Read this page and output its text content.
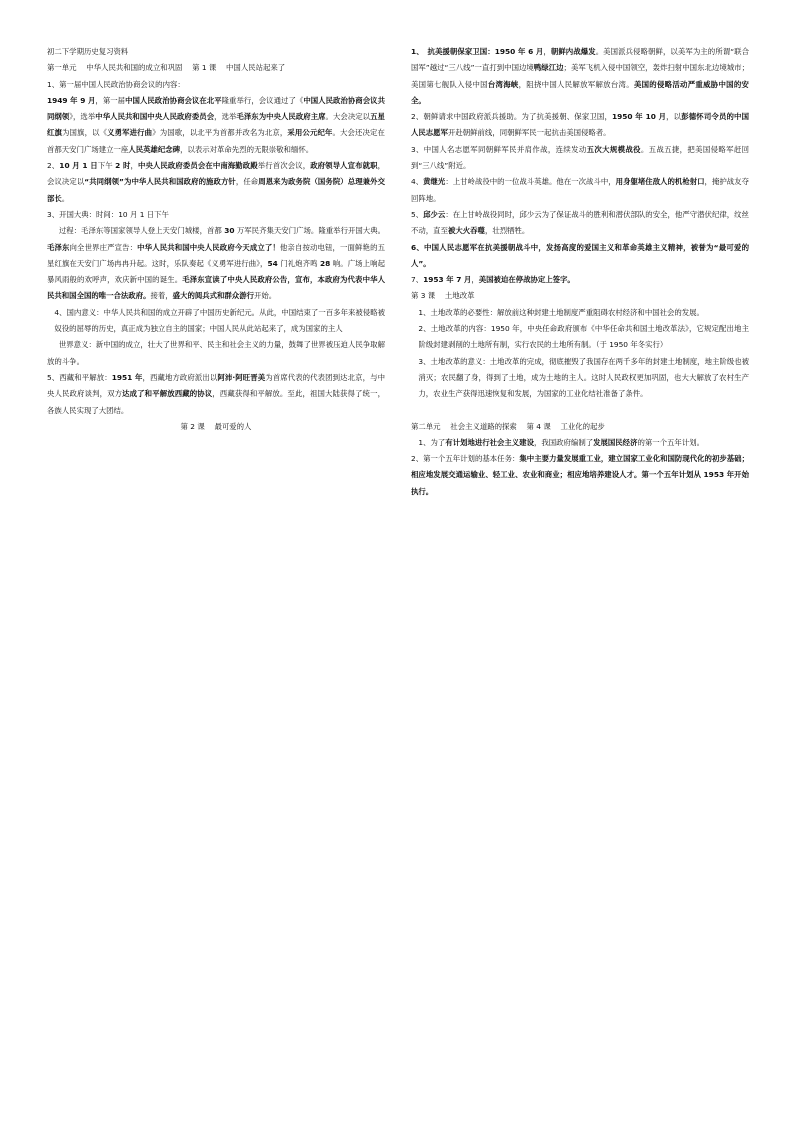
初二下学期历史复习资料

第一单元　 中华人民共和国的成立和巩固　 第 1 课　 中国人民站起来了

1、第一届中国人民政治协商会议的内容：

1949 年 9 月，第一届中国人民政治协商会议在北平隆重举行，会议通过了《中国人民政治协商会议共同纲领》，选举中华人民共和国中央人民政府委员会，选举毛泽东为中央人民政府主席。大会决定以五星红旗为国旗，以《义勇军进行曲》为国歌，以北平为首都并改名为北京，采用公元纪年。大会还决定在首都天安门广场建立一座人民英雄纪念碑，以表示对革命先烈的无限崇敬和缅怀。

2、10 月 1 日下午 2 时，中央人民政府委员会在中南海勤政殿举行首次会议，政府领导人宣布就职，会议决定以“共同纲领”为中华人民共和国政府的施政方针，任命周恩来为政务院（国务院）总理兼外交部长。

3、开国大典：时间：10 月 1 日下午

过程：毛泽东等国家领导人登上天安门城楼，首都 30 万军民齐集天安门广场。隆重举行开国大典。毛泽东向全世界庄严宣告：中华人民共和国中央人民政府今天成立了！他亲自按动电钮，一面鲜艳的五星红旗在天安门广场冉冉升起。这时，乐队奏起《义勇军进行曲》，54 门礼炮齐鸣 28 响。广场上响起暴风雨般的欢呼声，欢庆新中国的诞生。毛泽东宣读了中央人民政府公告，宣布，本政府为代表中华人民共和国全国的唯一合法政府。接着，盛大的阅兵式和群众游行开始。

4、国内意义：中华人民共和国的成立开辟了中国历史新纪元。从此，中国结束了一百多年来被侵略被奴役的屈辱的历史，真正成为独立自主的国家；中国人民从此站起来了，成为国家的主人

世界意义：新中国的成立，壮大了世界和平、民主和社会主义的力量，鼓舞了世界被压迫人民争取解放的斗争。

5、西藏和平解放：1951 年，西藏地方政府派出以阿沛·阿旺晋美为首席代表的代表团到达北京，与中央人民政府谈判，双方达成了和平解放西藏的协议，西藏获得和平解放。至此，祖国大陆获得了统一，各族人民实现了大团结。

第 2 课　 最可爱的人

1、　抗美援朝保家卫国：1950 年 6 月，朝鲜内战爆发。美国派兵侵略朝鲜，以美军为主的所谓“联合国军”越过“三八线”一直打到中国边境鸭绿江边；美军飞机入侵中国领空，轰炸扫射中国东北边境城市；美国第七舰队入侵中国台湾海峡，阻挠中国人民解放军解放台湾。美国的侵略活动严重威胁中国的安全。

2、朝鲜请求中国政府派兵援助。为了抗美援朝、保家卫国，1950 年 10 月，以彭德怀司令员的中国人民志愿军开赴朝鲜前线，同朝鲜军民一起抗击美国侵略者。

3、中国人名志愿军同朝鲜军民并肩作战，连续发动五次大规模战役。五战五捷，把美国侵略军赶回到“三八线”附近。

4、黄继光：上甘岭战役中的一位战斗英雄。他在一次战斗中，用身躯堵住敌人的机枪射口，掩护战友夺回阵地。

5、邱少云：在上甘岭战役同时，邱少云为了保证战斗的胜利和潜伏部队的安全，他严守潜伏纪律，纹丝不动，直至被大火吞噬，壮烈牺牲。

6、中国人民志愿军在抗美援朝战斗中，发扬高度的爱国主义和革命英雄主义精神，被誉为“最可爱的人”。

7、1953 年 7 月，美国被迫在停战协定上签字。

第 3 课　 土地改革

1、土地改革的必要性：解放前这种封建土地制度严重阻碍农村经济和中国社会的发展。

2、土地改革的内容：1950 年，中央任命政府颁布《中华任命共和国土地改革法》，它规定配出地主阶级封建剥削的土地所有制，实行农民的土地所有制。（于 1950 年冬实行）

3、土地改革的意义：土地改革的完成，彻底摧毁了我国存在两千多年的封建土地制度，地主阶级也被消灭；农民翻了身，得到了土地，成为土地的主人。这时人民政权更加巩固，也大大解放了农村生产力，农业生产获得迅速恢复和发展，为国家的工业化结社准备了条件。

第二单元　 社会主义道路的探索　 第 4 课　 工业化的起步

1、为了有计划地进行社会主义建设，我国政府编制了发展国民经济的第一个五年计划。

2、第一个五年计划的基本任务：集中主要力量发展重工业，建立国家工业化和国防现代化的初步基础；相应地发展交通运输业、轻工业、农业和商业；相应地培养建设人才。第一个五年计划从 1953 年开始执行。
